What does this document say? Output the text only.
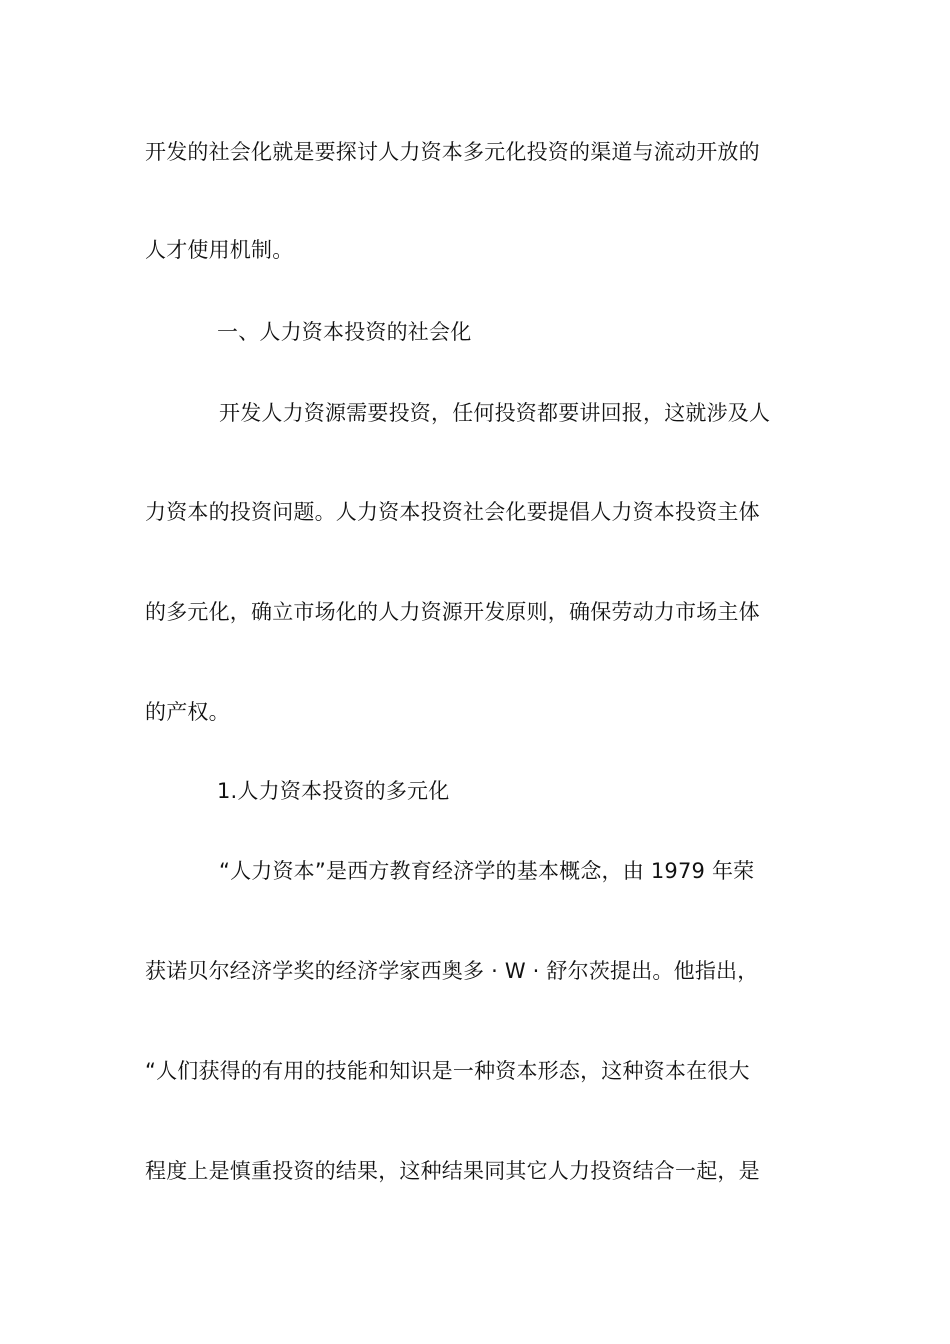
开发的社会化就是要探讨人力资本多元化投资的渠道与流动开放的
人才使用机制。
一、人力资本投资的社会化
开发人力资源需要投资，任何投资都要讲回报，这就涉及人
力资本的投资问题。人力资本投资社会化要提倡人力资本投资主体
的多元化，确立市场化的人力资源开发原则，确保劳动力市场主体
的产权。
1.人力资本投资的多元化
“人力资本”是西方教育经济学的基本概念，由 1979 年荣
获诺贝尔经济学奖的经济学家西奥多 · W · 舒尔茨提出。他指出，
“人们获得的有用的技能和知识是一种资本形态，这种资本在很大
程度上是慎重投资的结果，这种结果同其它人力投资结合一起，是
